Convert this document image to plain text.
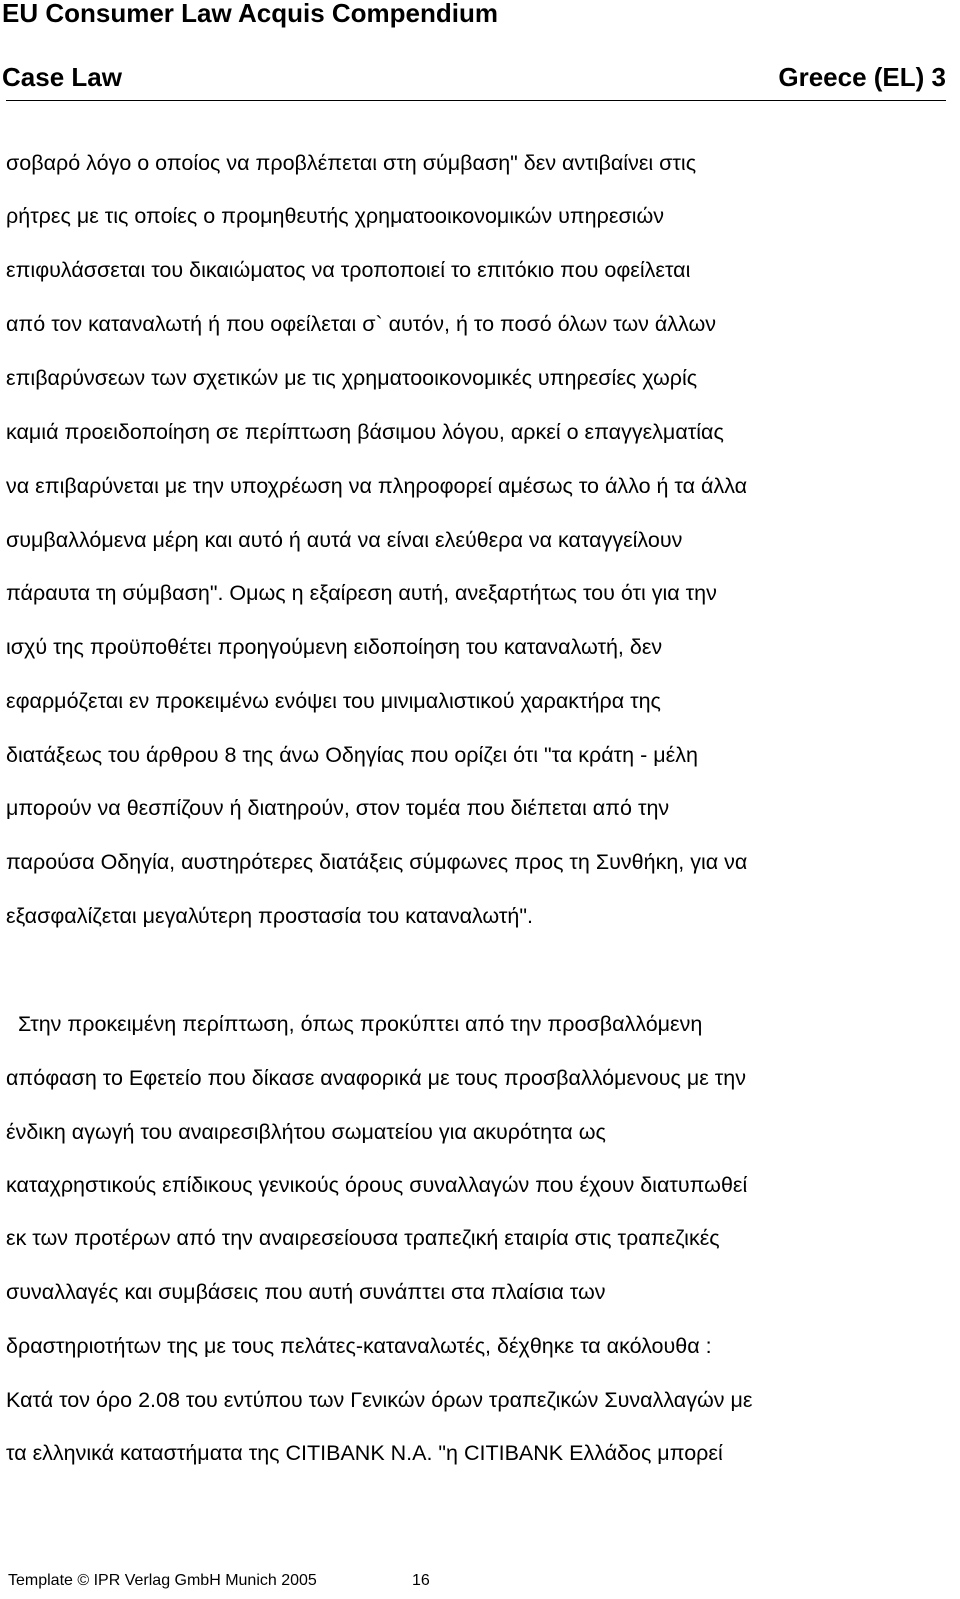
EU Consumer Law Acquis Compendium
Case Law	Greece (EL) 3
σοβαρό λόγο ο οποίος να προβλέπεται στη σύμβαση" δεν αντιβαίνει στις
ρήτρες με τις οποίες ο προμηθευτής χρηματοοικονομικών υπηρεσιών
επιφυλάσσεται του δικαιώματος να τροποποιεί το επιτόκιο που οφείλεται
από τον καταναλωτή ή που οφείλεται σ` αυτόν, ή το ποσό όλων των άλλων
επιβαρύνσεων των σχετικών με τις χρηματοοικονομικές υπηρεσίες χωρίς
καμιά προειδοποίηση σε περίπτωση βάσιμου λόγου, αρκεί ο επαγγελματίας
να επιβαρύνεται με την υποχρέωση να πληροφορεί αμέσως το άλλο ή τα άλλα
συμβαλλόμενα μέρη και αυτό ή αυτά να είναι ελεύθερα να καταγγείλουν
πάραυτα τη σύμβαση". Ομως η εξαίρεση αυτή, ανεξαρτήτως του ότι για την
ισχύ της προϋποθέτει προηγούμενη ειδοποίηση του καταναλωτή, δεν
εφαρμόζεται εν προκειμένω ενόψει του μινιμαλιστικού χαρακτήρα της
διατάξεως του άρθρου 8 της άνω Οδηγίας που ορίζει ότι "τα κράτη - μέλη
μπορούν να θεσπίζουν ή διατηρούν, στον τομέα που διέπεται από την
παρούσα Οδηγία, αυστηρότερες διατάξεις σύμφωνες προς τη Συνθήκη, για να
εξασφαλίζεται μεγαλύτερη προστασία του καταναλωτή".
Στην προκειμένη περίπτωση, όπως προκύπτει από την προσβαλλόμενη
απόφαση το Εφετείο που δίκασε αναφορικά με τους προσβαλλόμενους με την
ένδικη αγωγή του αναιρεσιβλήτου σωματείου για ακυρότητα ως
καταχρηστικούς επίδικους γενικούς όρους συναλλαγών που έχουν διατυπωθεί
εκ των προτέρων από την αναιρεσείουσα τραπεζική εταιρία στις τραπεζικές
συναλλαγές και συμβάσεις που αυτή συνάπτει στα πλαίσια των
δραστηριοτήτων της με τους πελάτες-καταναλωτές, δέχθηκε τα ακόλουθα :
Κατά τον όρο 2.08 του εντύπου των Γενικών όρων τραπεζικών Συναλλαγών με
τα ελληνικά καταστήματα της CITIBANK N.A. "η CITIBANK Ελλάδος μπορεί
Template © IPR Verlag GmbH Munich 2005	16
